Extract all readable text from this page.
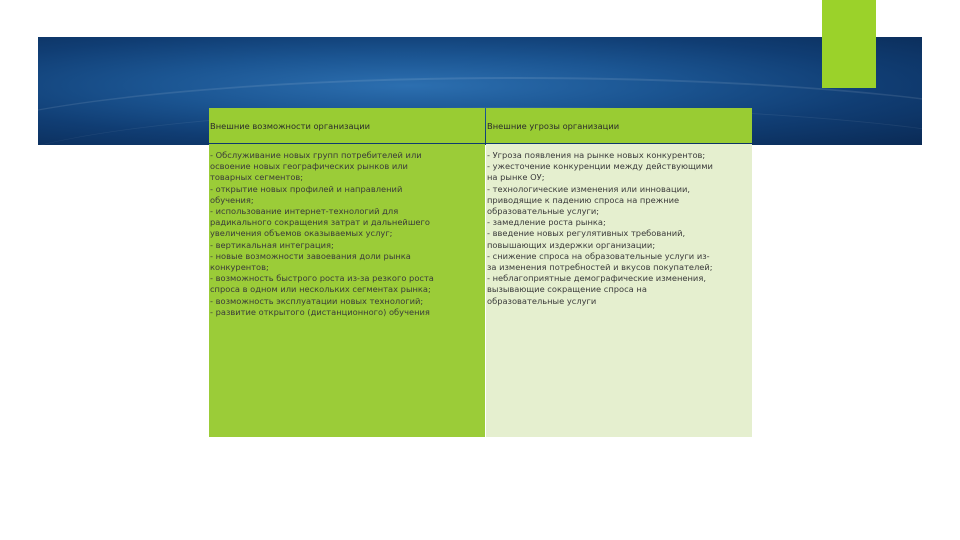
Внешние возможности организации	Внешние угрозы организации
- Обслуживание новых групп потребителей или
освоение новых географических рынков или
товарных сегментов;
- открытие новых профилей и направлений
обучения;
- использование интернет-технологий для
радикального сокращения затрат и дальнейшего
увеличения объемов оказываемых услуг;
- вертикальная интеграция;
- новые возможности завоевания доли рынка
конкурентов;
- возможность быстрого роста из-за резкого роста
спроса в одном или нескольких сегментах рынка;
- возможность эксплуатации новых технологий;
- развитие открытого (дистанционного) обучения
- Угроза появления на рынке новых конкурентов;
- ужесточение конкуренции между действующими
на рынке ОУ;
- технологические изменения или инновации,
приводящие к падению спроса на прежние
образовательные услуги;
- замедление роста рынка;
- введение новых регулятивных требований,
повышающих издержки организации;
- снижение спроса на образовательные услуги из-
за изменения потребностей и вкусов покупателей;
- неблагоприятные демографические изменения,
вызывающие сокращение спроса на
образовательные услуги
